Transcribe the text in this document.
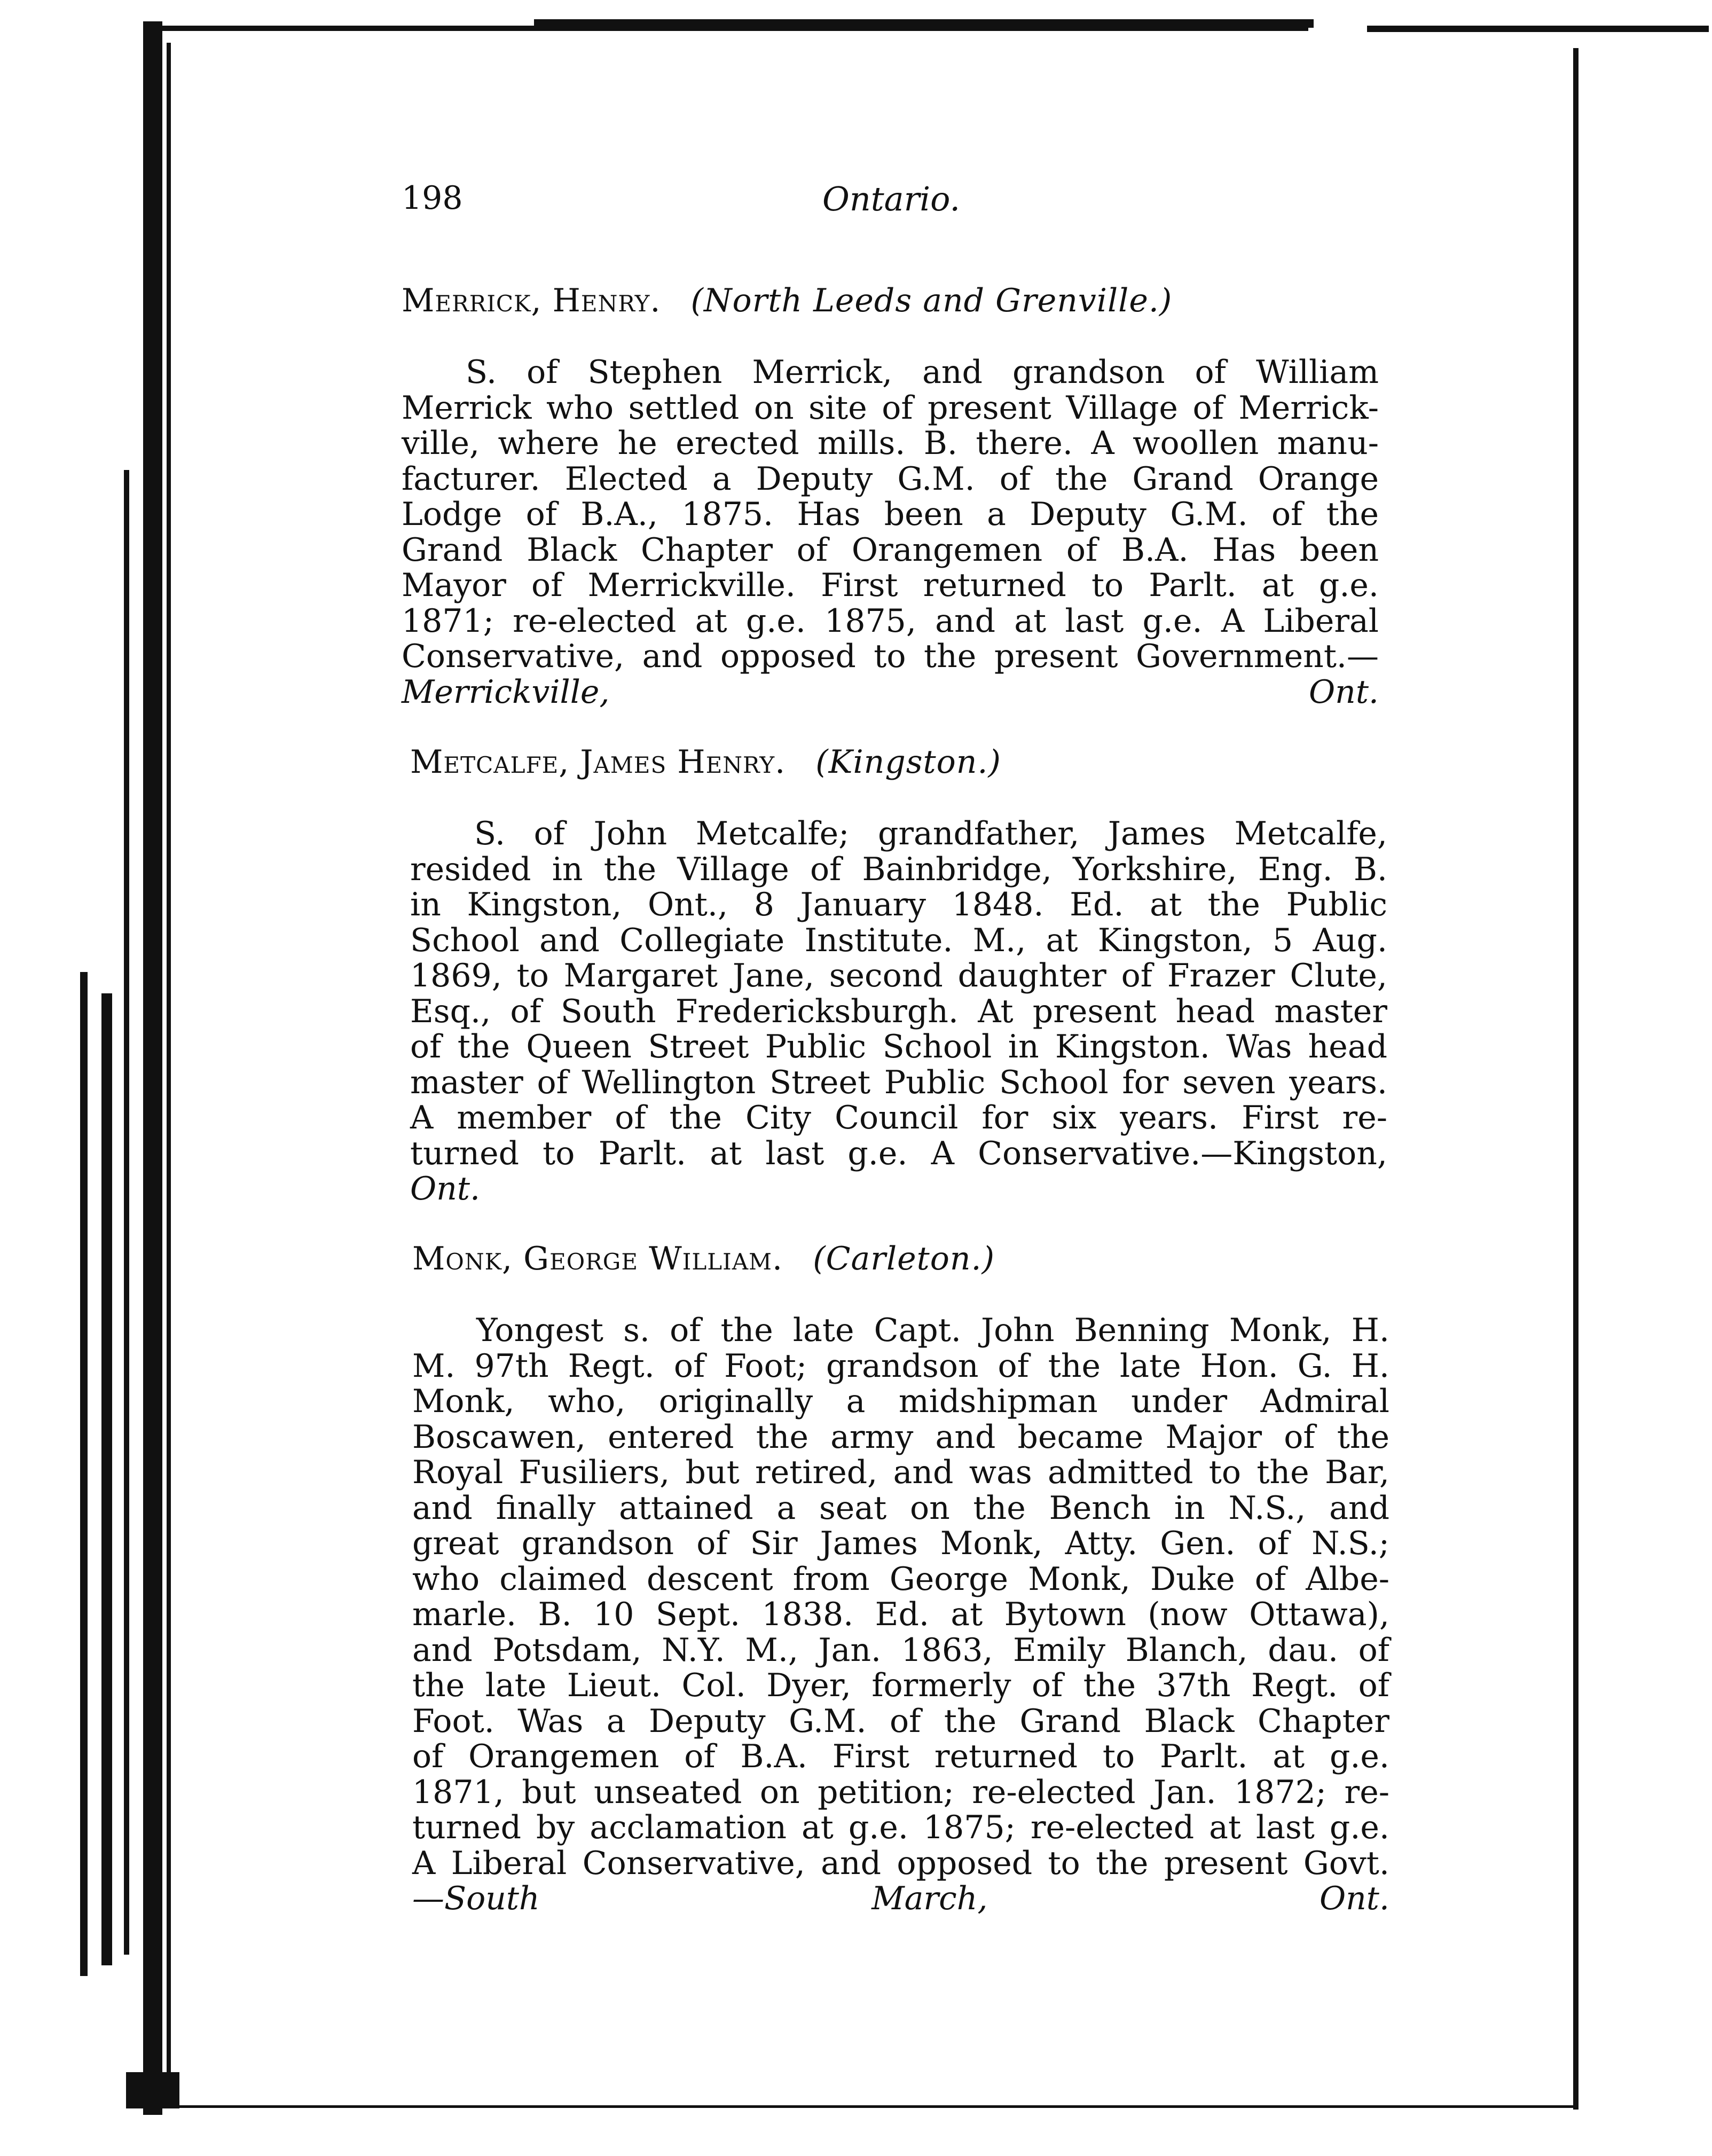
198	Ontario.
Merrick, Henry. (North Leeds and Grenville.)
S. of Stephen Merrick, and grandson of William
Merrick who settled on site of present Village of Merrick-
ville, where he erected mills. B. there. A woollen manu-
facturer. Elected a Deputy G.M. of the Grand Orange
Lodge of B.A., 1875. Has been a Deputy G.M. of the
Grand Black Chapter of Orangemen of B.A. Has been
Mayor of Merrickville. First returned to Parlt. at g.e.
1871; re-elected at g.e. 1875, and at last g.e. A Liberal
Conservative, and opposed to the present Government.—
Merrickville, Ont.
Metcalfe, James Henry. (Kingston.)
S. of John Metcalfe; grandfather, James Metcalfe,
resided in the Village of Bainbridge, Yorkshire, Eng. B.
in Kingston, Ont., 8 January 1848. Ed. at the Public
School and Collegiate Institute. M., at Kingston, 5 Aug.
1869, to Margaret Jane, second daughter of Frazer Clute,
Esq., of South Fredericksburgh. At present head master
of the Queen Street Public School in Kingston. Was head
master of Wellington Street Public School for seven years.
A member of the City Council for six years. First re-
turned to Parlt. at last g.e. A Conservative.—Kingston,
Ont.
Monk, George William. (Carleton.)
Yongest s. of the late Capt. John Benning Monk, H.
M. 97th Regt. of Foot; grandson of the late Hon. G. H.
Monk, who, originally a midshipman under Admiral
Boscawen, entered the army and became Major of the
Royal Fusiliers, but retired, and was admitted to the Bar,
and finally attained a seat on the Bench in N.S., and
great grandson of Sir James Monk, Atty. Gen. of N.S.;
who claimed descent from George Monk, Duke of Albe-
marle. B. 10 Sept. 1838. Ed. at Bytown (now Ottawa),
and Potsdam, N.Y. M., Jan. 1863, Emily Blanch, dau. of
the late Lieut. Col. Dyer, formerly of the 37th Regt. of
Foot. Was a Deputy G.M. of the Grand Black Chapter
of Orangemen of B.A. First returned to Parlt. at g.e.
1871, but unseated on petition; re-elected Jan. 1872; re-
turned by acclamation at g.e. 1875; re-elected at last g.e.
A Liberal Conservative, and opposed to the present Govt.
—South March, Ont.
